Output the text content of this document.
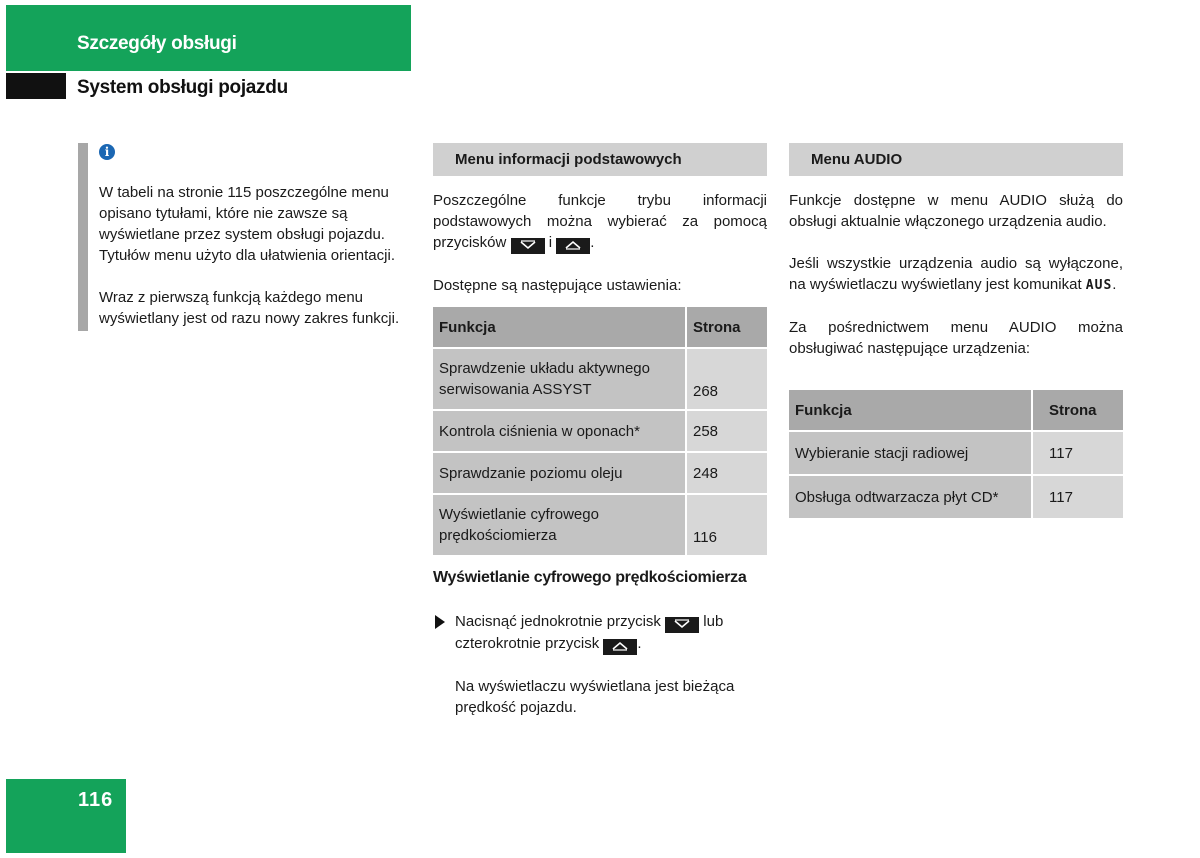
Szczegóły obsługi
System obsługi pojazdu
i

W tabeli na stronie 115 poszczególne menu opisano tytułami, które nie zawsze są wyświetlane przez system obsługi pojazdu. Tytułów menu użyto dla ułatwienia orientacji.

Wraz z pierwszą funkcją każdego menu wyświetlany jest od razu nowy zakres funkcji.

Menu informacji podstawowych

Poszczególne funkcje trybu informacji podstawowych można wybierać za pomocą przycisków	i	.

Dostępne są następujące ustawienia:

Funkcja	Strona
Sprawdzenie układu aktywnego serwisowania ASSYST	268
Kontrola ciśnienia w oponach*	258
Sprawdzanie poziomu oleju	248
Wyświetlanie cyfrowego prędkościomierza	116
Wyświetlanie cyfrowego prędkościomierza

Nacisnąć jednokrotnie przycisk	lub czterokrotnie przycisk	.

Na wyświetlaczu wyświetlana jest bieżąca prędkość pojazdu.

Menu AUDIO

Funkcje dostępne w menu AUDIO służą do obsługi aktualnie włączonego urządzenia audio.

Jeśli wszystkie urządzenia audio są wyłączone, na wyświetlaczu wyświetlany jest komunikat AUS.

Za pośrednictwem menu AUDIO można obsługiwać następujące urządzenia:

Funkcja	Strona
Wybieranie stacji radiowej	117
Obsługa odtwarzacza płyt CD*	117
116
